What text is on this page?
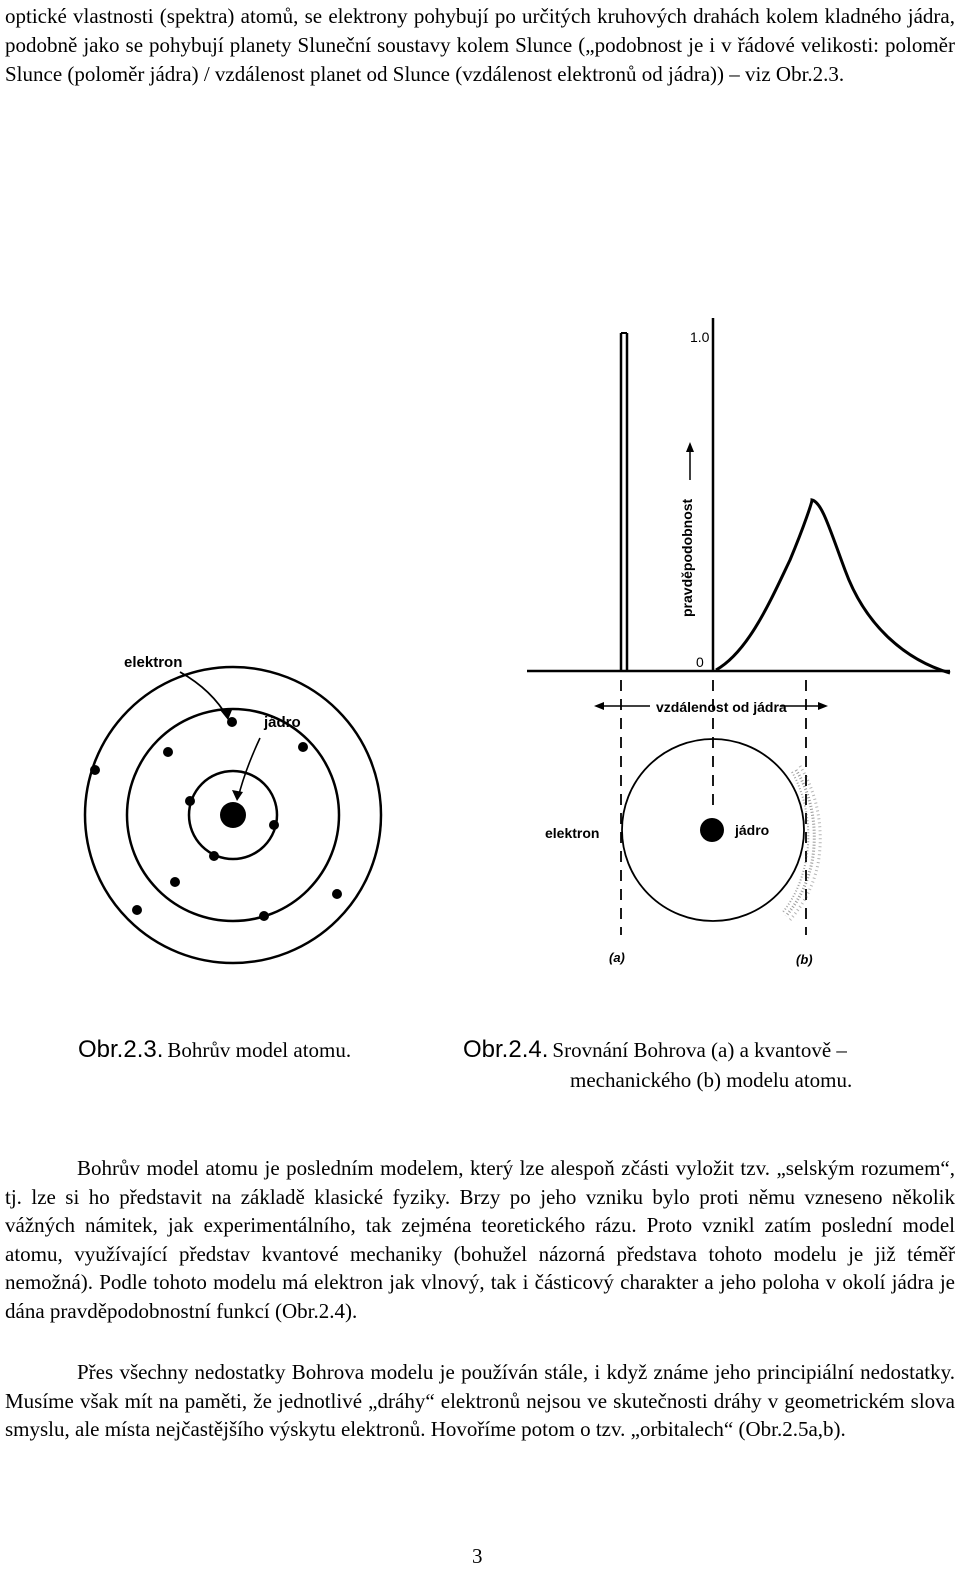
optické vlastnosti (spektra) atomů, se elektrony pohybují po určitých kruhových drahách kolem kladného jádra, podobně jako se pohybují planety Sluneční soustavy kolem Slunce („podobnost je i v řádové velikosti: poloměr Slunce (poloměr jádra) / vzdálenost planet od Slunce (vzdálenost elektronů od jádra)) – viz Obr.2.3.
elektron
jádro
1.0
0
pravděpodobnost
vzdálenost od jádra
elektron	jádro
(a)	(b)
Obr.2.3. Bohrův model atomu.	Obr.2.4. Srovnání Bohrova (a) a kvantově –
mechanického (b) modelu atomu.
Bohrův model atomu je posledním modelem, který lze alespoň zčásti vyložit tzv. „selským rozumem“, tj. lze si ho představit na základě klasické fyziky. Brzy po jeho vzniku bylo proti němu vzneseno několik vážných námitek, jak experimentálního, tak zejména teoretického rázu. Proto vznikl zatím poslední model atomu, využívající představ kvantové mechaniky (bohužel názorná představa tohoto modelu je již téměř nemožná). Podle tohoto modelu má elektron jak vlnový, tak i částicový charakter a jeho poloha v okolí jádra je dána pravděpodobnostní funkcí (Obr.2.4).
Přes všechny nedostatky Bohrova modelu je používán stále, i když známe jeho principiální nedostatky. Musíme však mít na paměti, že jednotlivé „dráhy“ elektronů nejsou ve skutečnosti dráhy v geometrickém slova smyslu, ale místa nejčastějšího výskytu elektronů. Hovoříme potom o tzv. „orbitalech“ (Obr.2.5a,b).
3
